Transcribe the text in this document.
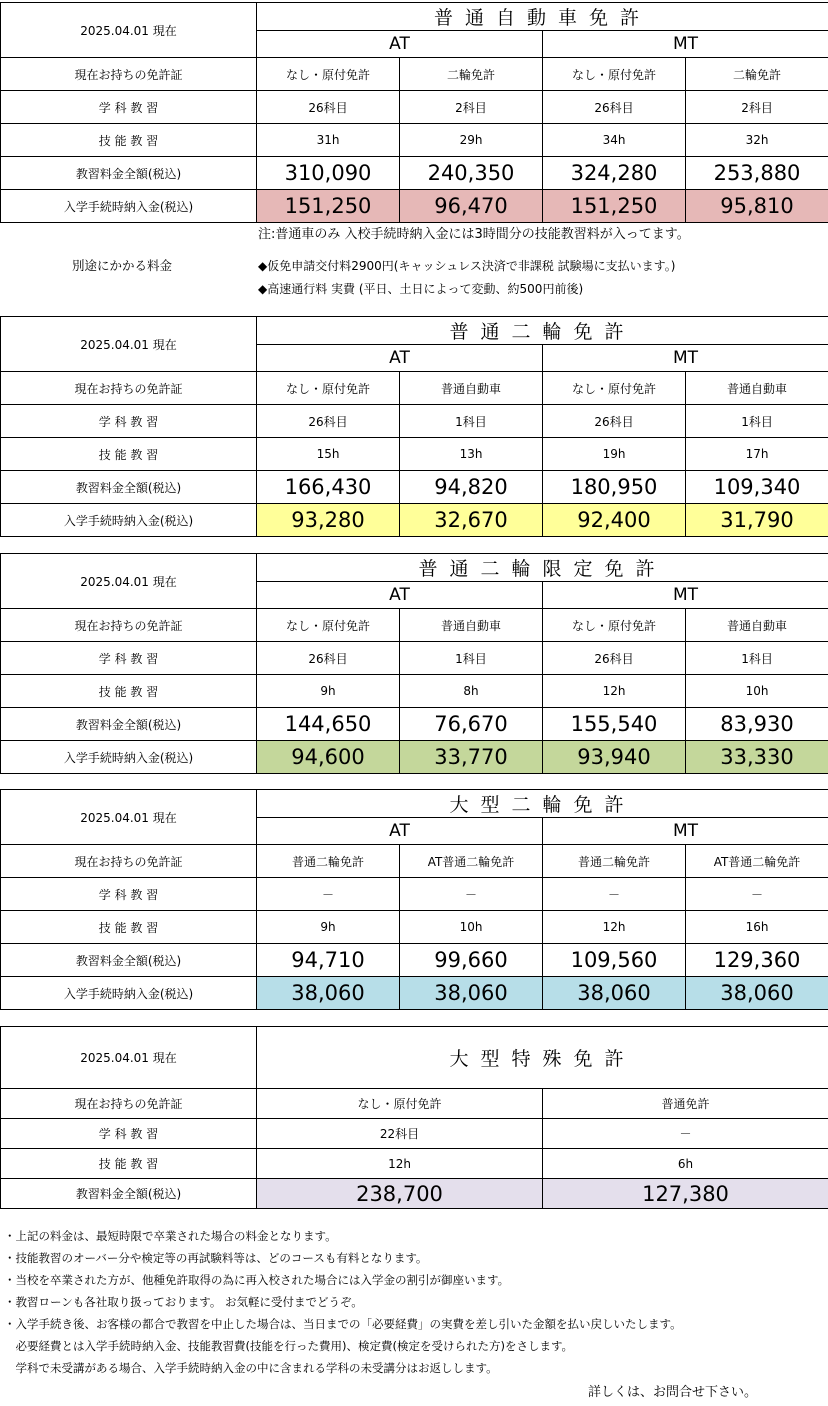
2025.04.01 現在	普通自動車免許			
	AT		MT	
現在お持ちの免許証	なし・原付免許	二輪免許	なし・原付免許	二輪免許
学 科 教 習	26科目	2科目	26科目	2科目
技 能 教 習	31h	29h	34h	32h
教習料金全額(税込)	310,090	240,350	324,280	253,880
入学手続時納入金(税込)	151,250	96,470	151,250	95,810
注:普通車のみ 入校手続時納入金には3時間分の技能教習料が入ってます。
別途にかかる料金	◆仮免申請交付料2900円(キャッシュレス決済で非課税 試験場に支払います。)
◆高速通行料 実費 (平日、土日によって変動、約500円前後)
2025.04.01 現在	普通二輪免許			
	AT		MT	
現在お持ちの免許証	なし・原付免許	普通自動車	なし・原付免許	普通自動車
学 科 教 習	26科目	1科目	26科目	1科目
技 能 教 習	15h	13h	19h	17h
教習料金全額(税込)	166,430	94,820	180,950	109,340
入学手続時納入金(税込)	93,280	32,670	92,400	31,790
2025.04.01 現在	普通二輪限定免許			
	AT		MT	
現在お持ちの免許証	なし・原付免許	普通自動車	なし・原付免許	普通自動車
学 科 教 習	26科目	1科目	26科目	1科目
技 能 教 習	9h	8h	12h	10h
教習料金全額(税込)	144,650	76,670	155,540	83,930
入学手続時納入金(税込)	94,600	33,770	93,940	33,330
2025.04.01 現在	大型二輪免許			
	AT		MT	
現在お持ちの免許証	普通二輪免許	AT普通二輪免許	普通二輪免許	AT普通二輪免許
学 科 教 習	－	－	－	－
技 能 教 習	9h	10h	12h	16h
教習料金全額(税込)	94,710	99,660	109,560	129,360
入学手続時納入金(税込)	38,060	38,060	38,060	38,060
2025.04.01 現在	大型特殊免許	
現在お持ちの免許証	なし・原付免許	普通免許
学 科 教 習	22科目	－
技 能 教 習	12h	6h
教習料金全額(税込)	238,700	127,380
・上記の料金は、最短時限で卒業された場合の料金となります。
・技能教習のオーバー分や検定等の再試験料等は、どのコースも有料となります。
・当校を卒業された方が、他種免許取得の為に再入校された場合には入学金の割引が御座います。
・教習ローンも各社取り扱っております。 お気軽に受付までどうぞ。
・入学手続き後、お客様の都合で教習を中止した場合は、当日までの「必要経費」の実費を差し引いた金額を払い戻しいたします。
　必要経費とは入学手続時納入金、技能教習費(技能を行った費用)、検定費(検定を受けられた方)をさします。
　学科で未受講がある場合、入学手続時納入金の中に含まれる学科の未受講分はお返しします。
詳しくは、お問合せ下さい。
